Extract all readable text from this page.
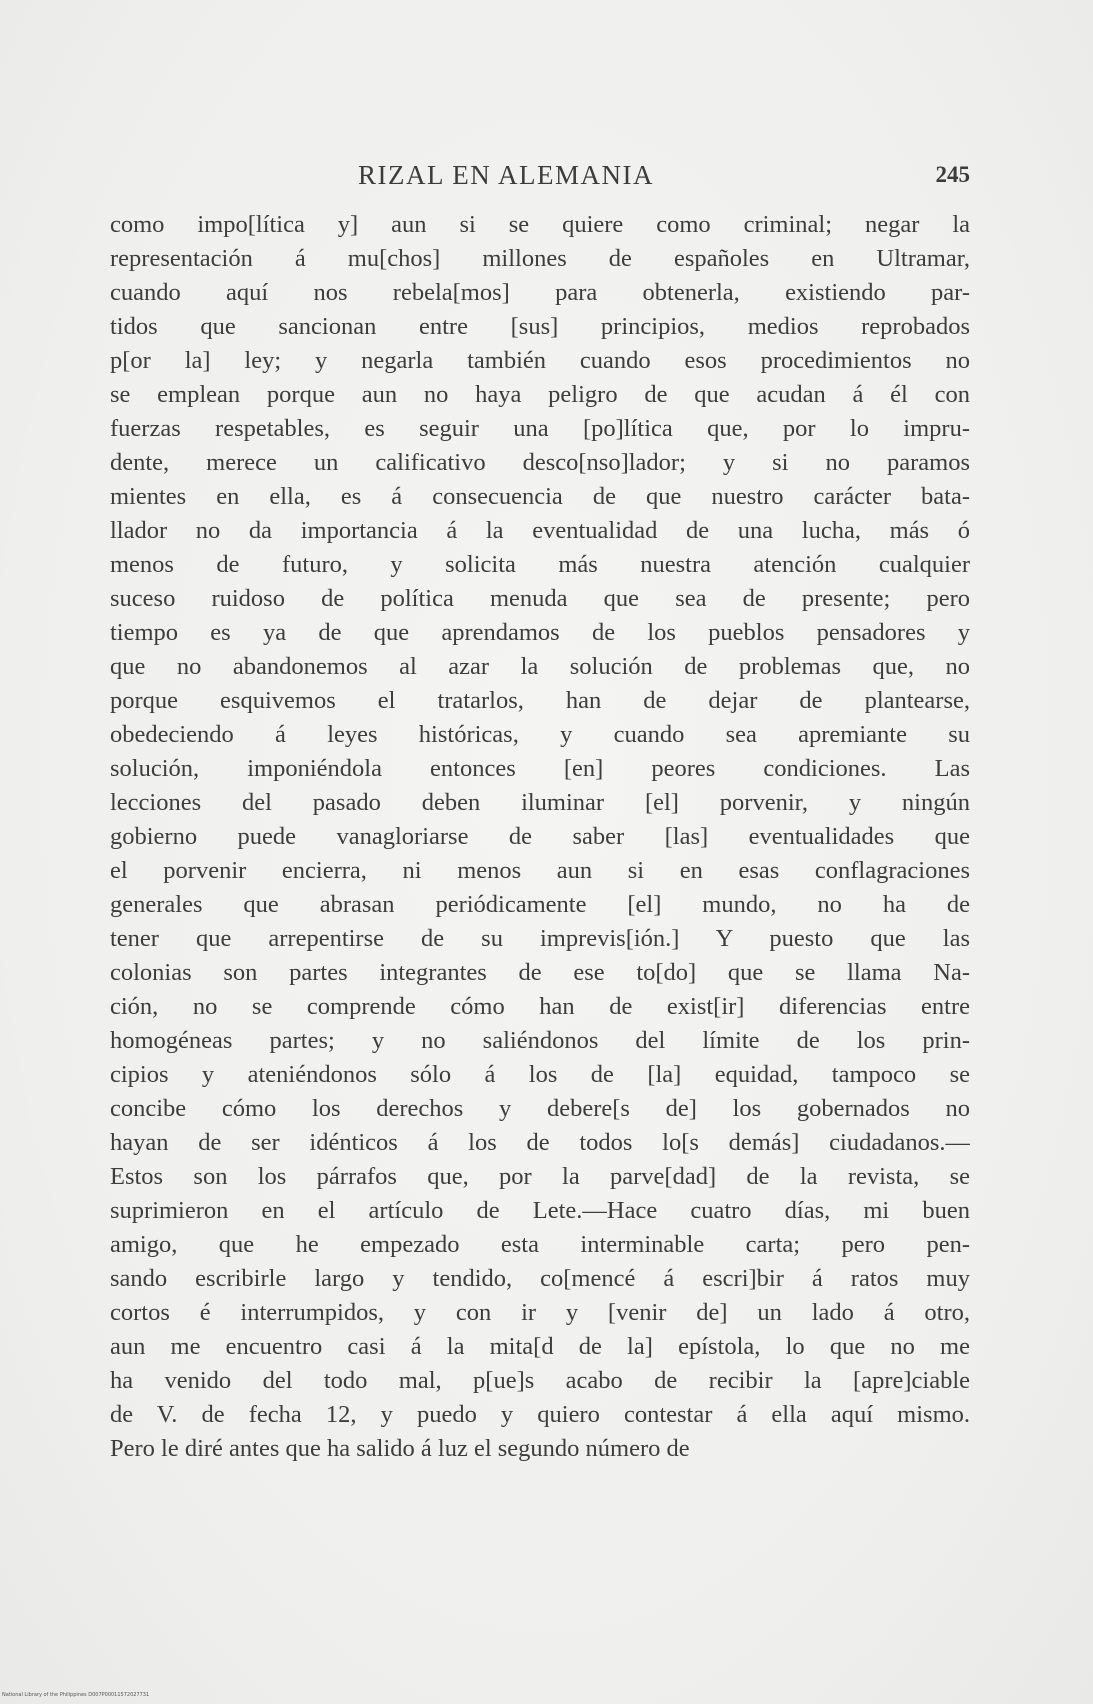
RIZAL EN ALEMANIA	245
como impo[lítica y] aun si se quiere como criminal; negar la
representación á mu[chos] millones de españoles en Ultramar,
cuando aquí nos rebela[mos] para obtenerla, existiendo par-
tidos que sancionan entre [sus] principios, medios reprobados
p[or la] ley; y negarla también cuando esos procedimientos no
se emplean porque aun no haya peligro de que acudan á él con
fuerzas respetables, es seguir una [po]lítica que, por lo impru-
dente, merece un calificativo desco[nso]lador; y si no paramos
mientes en ella, es á consecuencia de que nuestro carácter bata-
llador no da importancia á la eventualidad de una lucha, más ó
menos de futuro, y solicita más nuestra atención cualquier
suceso ruidoso de política menuda que sea de presente; pero
tiempo es ya de que aprendamos de los pueblos pensadores y
que no abandonemos al azar la solución de problemas que, no
porque esquivemos el tratarlos, han de dejar de plantearse,
obedeciendo á leyes históricas, y cuando sea apremiante su
solución, imponiéndola entonces [en] peores condiciones. Las
lecciones del pasado deben iluminar [el] porvenir, y ningún
gobierno puede vanagloriarse de saber [las] eventualidades que
el porvenir encierra, ni menos aun si en esas conflagraciones
generales que abrasan periódicamente [el] mundo, no ha de
tener que arrepentirse de su imprevis[ión.] Y puesto que las
colonias son partes integrantes de ese to[do] que se llama Na-
ción, no se comprende cómo han de exist[ir] diferencias entre
homogéneas partes; y no saliéndonos del límite de los prin-
cipios y ateniéndonos sólo á los de [la] equidad, tampoco se
concibe cómo los derechos y debere[s de] los gobernados no
hayan de ser idénticos á los de todos lo[s demás] ciudadanos.—
Estos son los párrafos que, por la parve[dad] de la revista, se
suprimieron en el artículo de Lete.—Hace cuatro días, mi buen
amigo, que he empezado esta interminable carta; pero pen-
sando escribirle largo y tendido, co[mencé á escri]bir á ratos muy
cortos é interrumpidos, y con ir y [venir de] un lado á otro,
aun me encuentro casi á la mita[d de la] epístola, lo que no me
ha venido del todo mal, p[ue]s acabo de recibir la [apre]ciable
de V. de fecha 12, y puedo y quiero contestar á ella aquí mismo.
Pero le diré antes que ha salido á luz el segundo número de
National Library of the Philippines D007P00011572027731
